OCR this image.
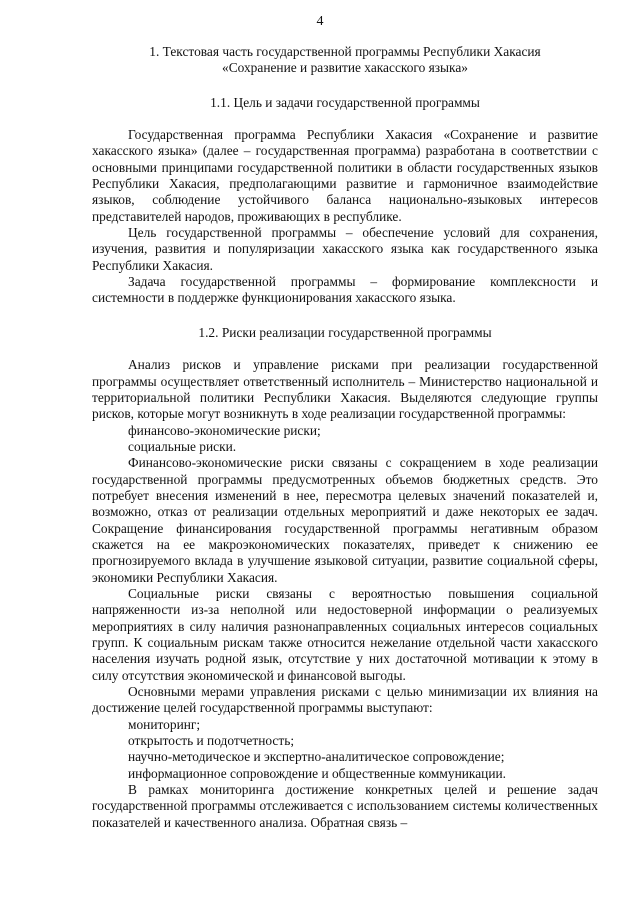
4
1. Текстовая часть государственной программы Республики Хакасия
«Сохранение и развитие хакасского языка»
1.1. Цель и задачи государственной программы

Государственная программа Республики Хакасия «Сохранение и развитие хакасского языка» (далее – государственная программа) разработана в соответствии с основными принципами государственной политики в области государственных языков Республики Хакасия, предполагающими развитие и гармоничное взаимодействие языков, соблюдение устойчивого баланса национально-языковых интересов представителей народов, проживающих в республике.

Цель государственной программы – обеспечение условий для сохранения, изучения, развития и популяризации хакасского языка как государственного языка Республики Хакасия.

Задача государственной программы – формирование комплексности и системности в поддержке функционирования хакасского языка.

1.2. Риски реализации государственной программы

Анализ рисков и управление рисками при реализации государственной программы осуществляет ответственный исполнитель – Министерство национальной и территориальной политики Республики Хакасия. Выделяются следующие группы рисков, которые могут возникнуть в ходе реализации государственной программы:

финансово-экономические риски;

социальные риски.

Финансово-экономические риски связаны с сокращением в ходе реализации государственной программы предусмотренных объемов бюджетных средств. Это потребует внесения изменений в нее, пересмотра целевых значений показателей и, возможно, отказ от реализации отдельных мероприятий и даже некоторых ее задач. Сокращение финансирования государственной программы негативным образом скажется на ее макроэкономических показателях, приведет к снижению ее прогнозируемого вклада в улучшение языковой ситуации, развитие социальной сферы, экономики Республики Хакасия.

Социальные риски связаны с вероятностью повышения социальной напряженности из-за неполной или недостоверной информации о реализуемых мероприятиях в силу наличия разнонаправленных социальных интересов социальных групп. К социальным рискам также относится нежелание отдельной части хакасского населения изучать родной язык, отсутствие у них достаточной мотивации к этому в силу отсутствия экономической и финансовой выгоды.

Основными мерами управления рисками с целью минимизации их влияния на достижение целей государственной программы выступают:

мониторинг;

открытость и подотчетность;

научно-методическое и экспертно-аналитическое сопровождение;

информационное сопровождение и общественные коммуникации.

В рамках мониторинга достижение конкретных целей и решение задач государственной программы отслеживается с использованием системы количественных показателей и качественного анализа. Обратная связь –
